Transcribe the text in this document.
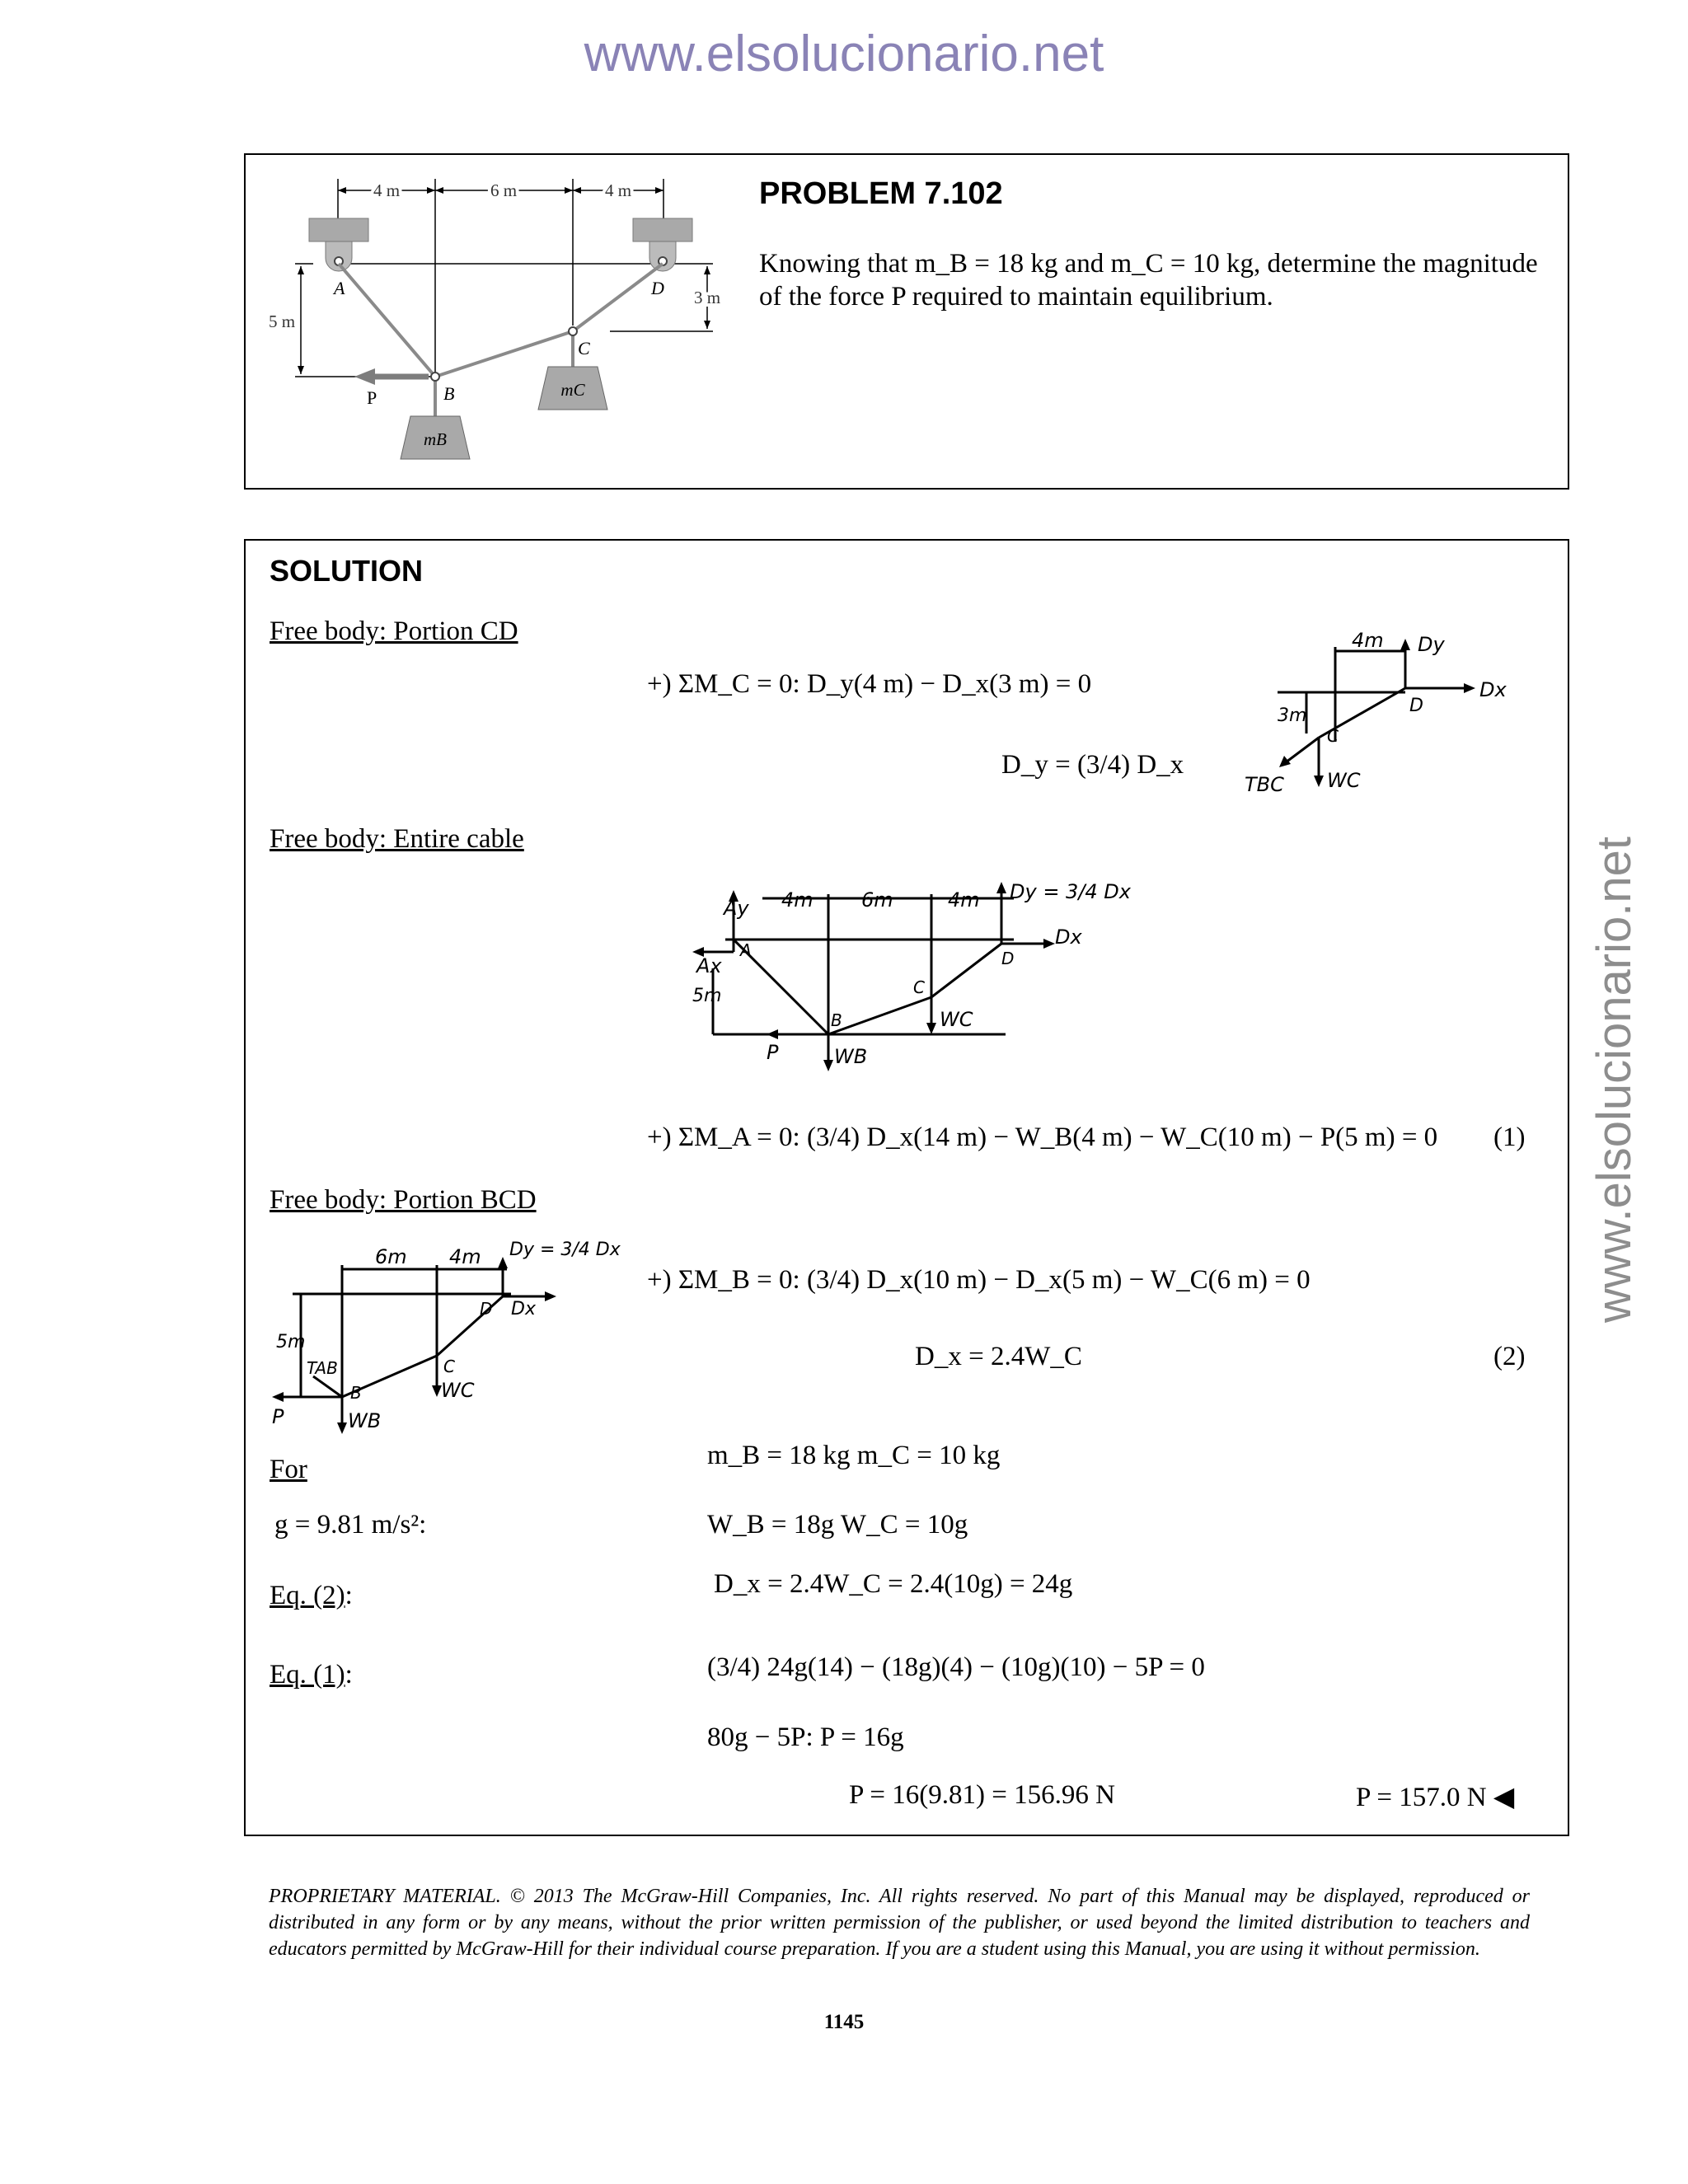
www.elsolucionario.net
www.elsolucionario.net
4 m	6 m	4 m
5 m
3 m
mB
mC
A
B
C
D
P
PROBLEM 7.102
Knowing that m_B = 18 kg and m_C = 10 kg, determine the magnitude
of the force P required to maintain equilibrium.
SOLUTION
Free body: Portion CD
+) ΣM_C = 0: D_y(4 m) − D_x(3 m) = 0
D_y = (3/4) D_x
4m Dy
Dx
D
3m
C
TBC WC
Free body: Entire cable
Ay 4m 6m	4m Dy = 3/4 Dx
Dx
A
Ax	D
5m	C
B	WC
P	WB
+) ΣM_A = 0: (3/4) D_x(14 m) − W_B(4 m) − W_C(10 m) − P(5 m) = 0 (1)
Free body: Portion BCD
6m 4m Dy = 3/4 Dx
D Dx
5m
TAB	C
B	WC
P	WB
+) ΣM_B = 0: (3/4) D_x(10 m) − D_x(5 m) − W_C(6 m) = 0
D_x = 2.4W_C	(2)
For	m_B = 18 kg m_C = 10 kg
g = 9.81 m/s²:	W_B = 18g W_C = 10g
Eq. (2):	D_x = 2.4W_C = 2.4(10g) = 24g
Eq. (1):	(3/4) 24g(14) − (18g)(4) − (10g)(10) − 5P = 0
80g − 5P: P = 16g
P = 16(9.81) = 156.96 N	P = 157.0 N ◀
PROPRIETARY MATERIAL. © 2013 The McGraw-Hill Companies, Inc. All rights reserved. No part of this Manual may be displayed, reproduced or distributed in any form or by any means, without the prior written permission of the publisher, or used beyond the limited distribution to teachers and educators permitted by McGraw-Hill for their individual course preparation. If you are a student using this Manual, you are using it without permission.
1145
